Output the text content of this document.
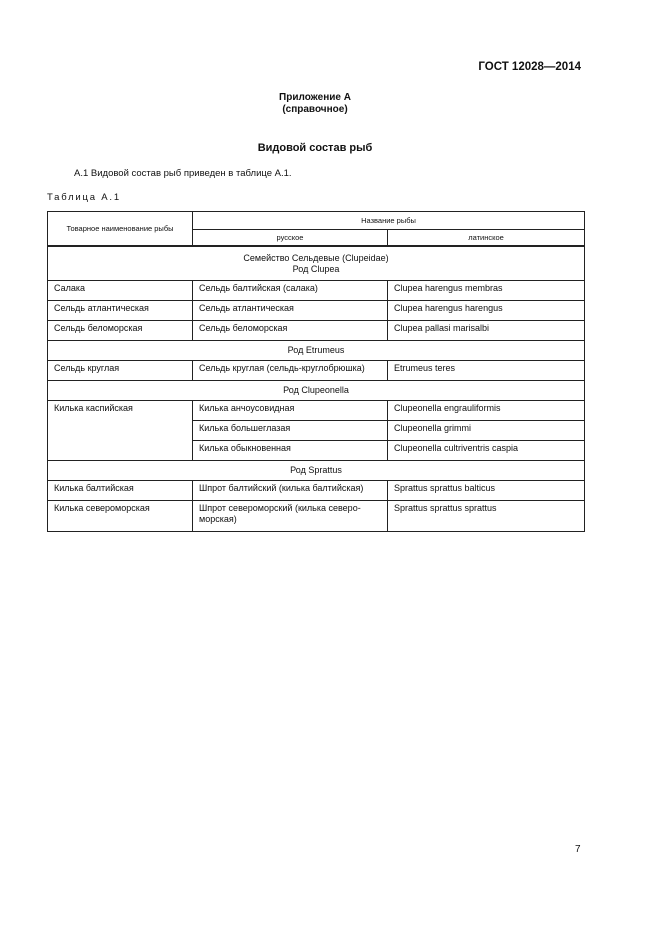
ГОСТ 12028—2014
Приложение А
(справочное)
Видовой состав рыб
А.1 Видовой состав рыб приведен в таблице А.1.
Таблица А.1
Товарное наименование рыбы	Название рыбы	
	русское	латинское

Семейство Сельдевые (Clupeidae)
Род Clupea		

Салака	Сельдь балтийская (салака)	Clupea harengus membras
Сельдь атлантическая	Сельдь атлантическая	Clupea harengus harengus
Сельдь беломорская	Сельдь беломорская	Clupea pallasi marisalbi
Род Etrumeus		
Сельдь круглая	Сельдь круглая (сельдь-круглобрюшка)	Etrumeus teres
Род Clupeonella		
Килька каспийская	Килька анчоусовидная	Clupeonella engrauliformis
	Килька большеглазая	Clupeonella grimmi
	Килька обыкновенная	Clupeonella cultriventris caspia
Род Sprattus		
Килька балтийская	Шпрот балтийский (килька балтийская)	Sprattus sprattus balticus
Килька североморская	Шпрот североморский (килька северо-морская)	Sprattus sprattus sprattus
7
